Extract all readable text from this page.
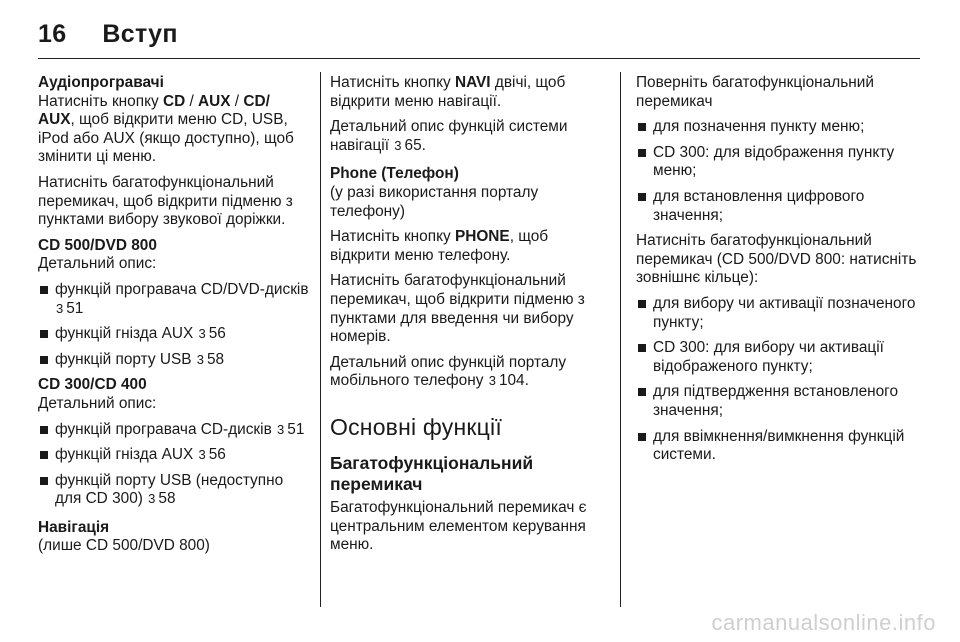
16 Вступ
Аудіопрогравачі

Натисніть кнопку CD / AUX / CD/ AUX, щоб відкрити меню CD, USB, iPod або AUX (якщо доступно), щоб змінити ці меню.

Натисніть багатофункціональний перемикач, щоб відкрити підменю з пунктами вибору звукової доріжки.

CD 500/DVD 800

Детальний опис:

функцій програвача CD/DVD-дисків 3 51
функцій гнізда AUX 3 56
функцій порту USB 3 58
CD 300/CD 400

Детальний опис:

функцій програвача CD-дисків 3 51
функцій гнізда AUX 3 56
функцій порту USB (недоступно для CD 300) 3 58
Навігація

(лише CD 500/DVD 800)

Натисніть кнопку NAVI двічі, щоб відкрити меню навігації.

Детальний опис функцій системи навігації 3 65.

Phone (Телефон)

(у разі використання порталу телефону)

Натисніть кнопку PHONE, щоб відкрити меню телефону.

Натисніть багатофункціональний перемикач, щоб відкрити підменю з пунктами для введення чи вибору номерів.

Детальний опис функцій порталу мобільного телефону 3 104.

Основні функції
Багатофункціональний перемикач

Багатофункціональний перемикач є центральним елементом керування меню.

Поверніть багатофункціональний перемикач

для позначення пункту меню;
CD 300: для відображення пункту меню;
для встановлення цифрового значення;

Натисніть багатофункціональний перемикач (CD 500/DVD 800: натисніть зовнішнє кільце):

для вибору чи активації позначеного пункту;
CD 300: для вибору чи активації відображеного пункту;
для підтвердження встановленого значення;
для ввімкнення/вимкнення функцій системи.
carmanualsonline.info
